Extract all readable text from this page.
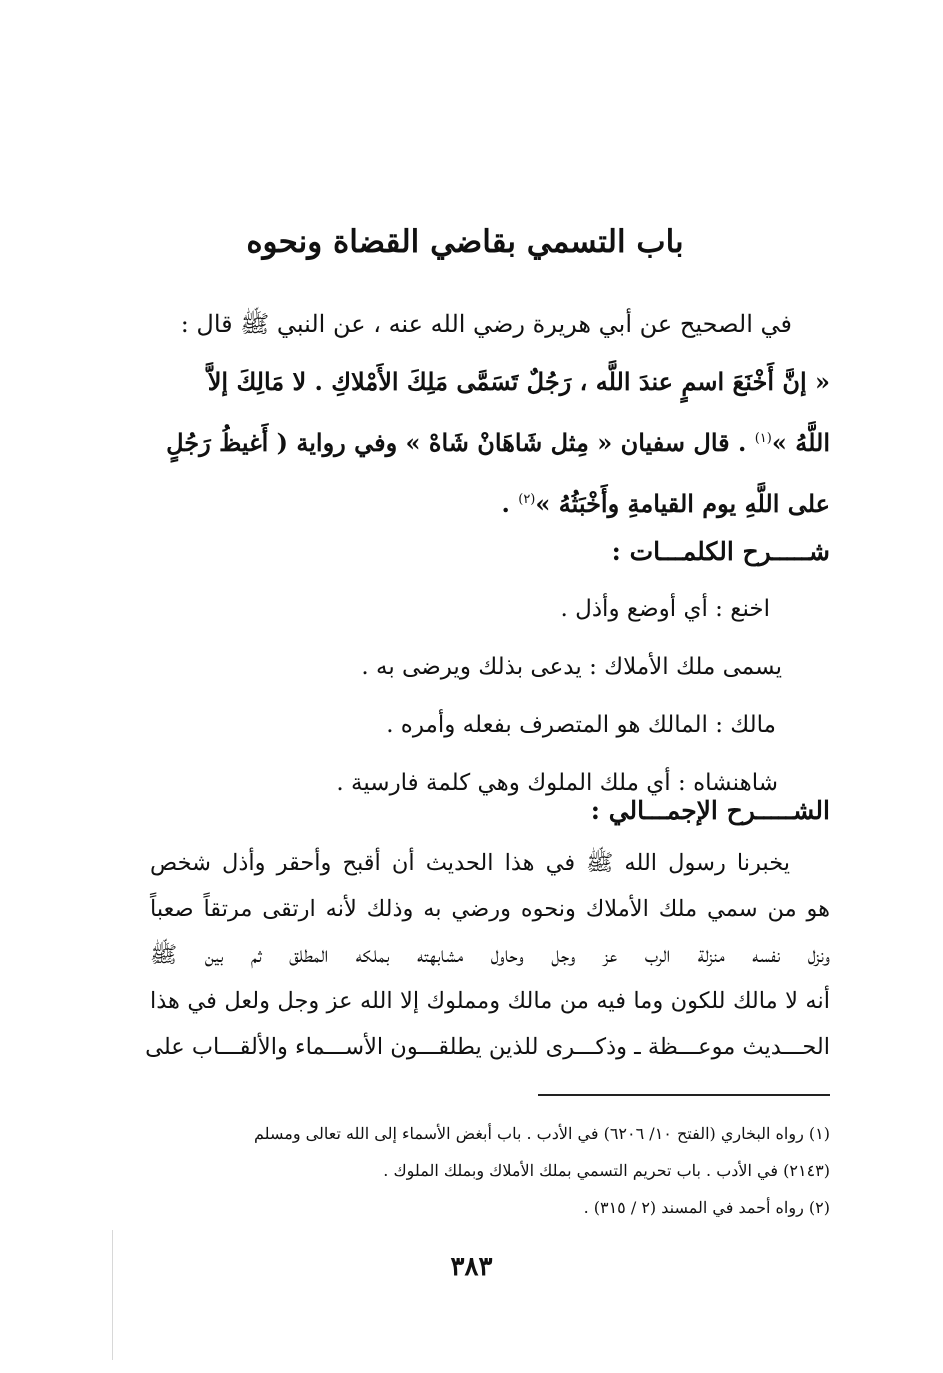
باب التسمي بقاضي القضاة ونحوه
في الصحيح عن أبي هريرة رضي الله عنه ، عن النبي ﷺ قال :
« إنَّ أَخْنَعَ اسمٍ عندَ اللَّه ، رَجُلٌ تَسَمَّى مَلِكَ الأَمْلاكِ . لا مَالِكَ إلاَّ
اللَّهُ »$^{(١)}$ . قال سفيان « مِثل شَاهَانْ شَاهْ » وفي رواية ( أَغيظُ رَجُلٍ
على اللَّهِ يوم القيامةِ وأَخْبَثُهُ »$^{(٢)}$ .
شـــــرح الكلمـــات :
اخنع : أي أوضع وأذل .
يسمى ملك الأملاك : يدعى بذلك ويرضى به .
مالك : المالك هو المتصرف بفعله وأمره .
شاهنشاه : أي ملك الملوك وهي كلمة فارسية .
الشـــــرح الإجمـــالي :
يخبرنا رسول الله ﷺ في هذا الحديث أن أقبح وأحقر وأذل شخص
هو من سمي ملك الأملاك ونحوه ورضي به وذلك لأنه ارتقى مرتقاً صعباً
ونزل نفسه منزلة الرب عز وجل وحاول مشابهته بملكه المطلق ثم بين ﷺ
أنه لا مالك للكون وما فيه من مالك ومملوك إلا الله عز وجل ولعل في هذا
الحـــديث موعـــظة ـ وذكـــرى للذين يطلقـــون الأســـماء والألقـــاب على
(١) رواه البخاري (الفتح ١٠/ ٦٢٠٦) في الأدب . باب أبغض الأسماء إلى الله تعالى ومسلم
(٢١٤٣) في الأدب . باب تحريم التسمي بملك الأملاك وبملك الملوك .
(٢) رواه أحمد في المسند (٢ / ٣١٥) .
٣٨٣
